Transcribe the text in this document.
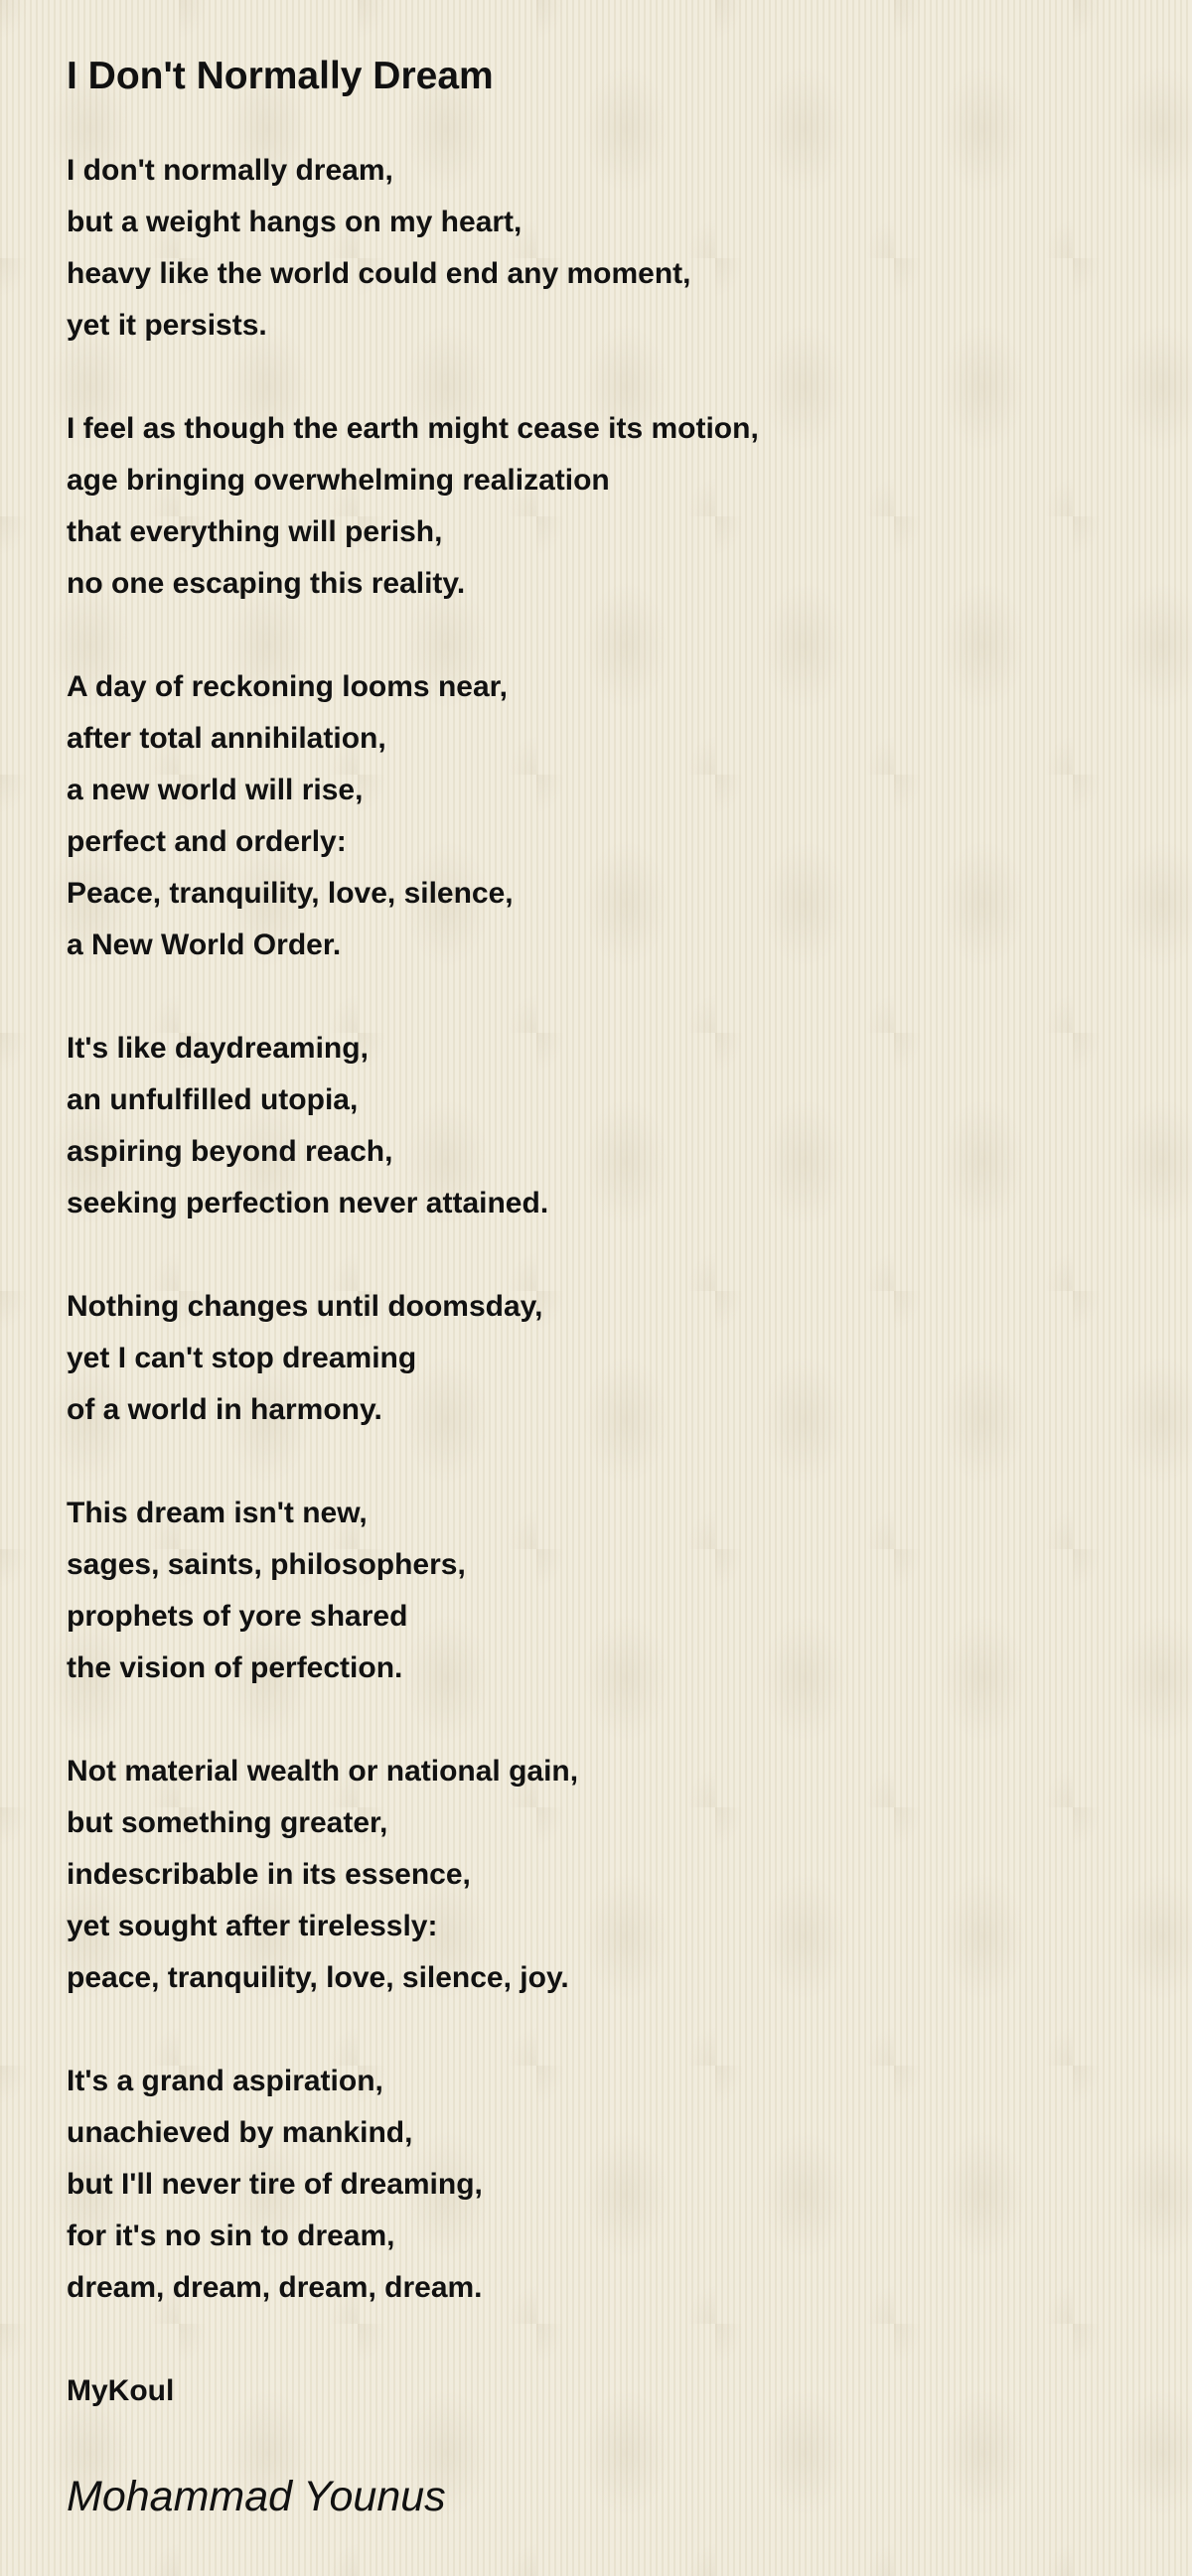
I Don't Normally Dream
I don't normally dream,
but a weight hangs on my heart,
heavy like the world could end any moment,
yet it persists.
I feel as though the earth might cease its motion,
age bringing overwhelming realization
that everything will perish,
no one escaping this reality.
A day of reckoning looms near,
after total annihilation,
a new world will rise,
perfect and orderly:
Peace, tranquility, love, silence,
a New World Order.
It's like daydreaming,
an unfulfilled utopia,
aspiring beyond reach,
seeking perfection never attained.
Nothing changes until doomsday,
yet I can't stop dreaming
of a world in harmony.
This dream isn't new,
sages, saints, philosophers,
prophets of yore shared
the vision of perfection.
Not material wealth or national gain,
but something greater,
indescribable in its essence,
yet sought after tirelessly:
peace, tranquility, love, silence, joy.
It's a grand aspiration,
unachieved by mankind,
but I'll never tire of dreaming,
for it's no sin to dream,
dream, dream, dream, dream.
MyKoul
Mohammad Younus
